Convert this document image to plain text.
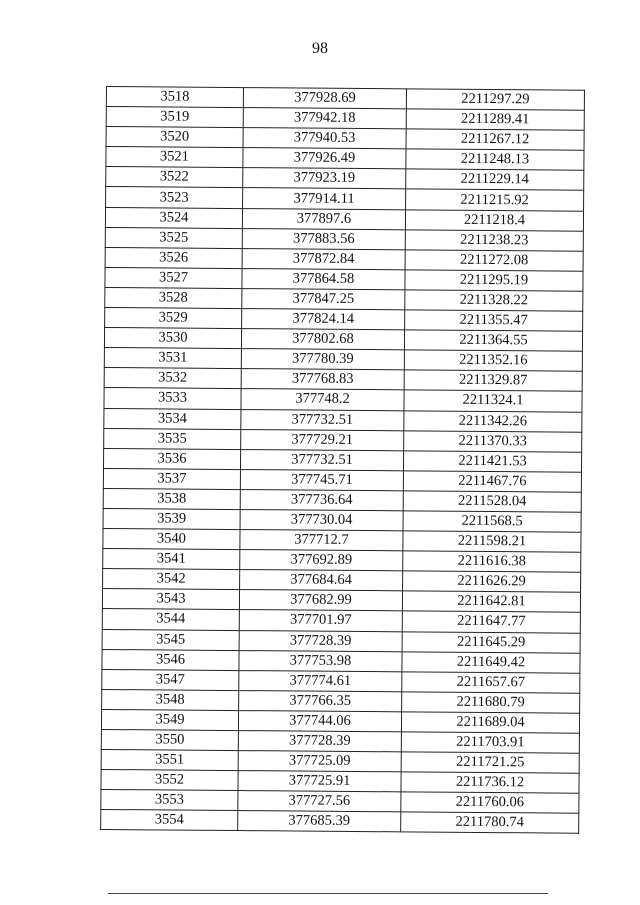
98
3518	377928.69	2211297.29
3519	377942.18	2211289.41
3520	377940.53	2211267.12
3521	377926.49	2211248.13
3522	377923.19	2211229.14
3523	377914.11	2211215.92
3524	377897.6	2211218.4
3525	377883.56	2211238.23
3526	377872.84	2211272.08
3527	377864.58	2211295.19
3528	377847.25	2211328.22
3529	377824.14	2211355.47
3530	377802.68	2211364.55
3531	377780.39	2211352.16
3532	377768.83	2211329.87
3533	377748.2	2211324.1
3534	377732.51	2211342.26
3535	377729.21	2211370.33
3536	377732.51	2211421.53
3537	377745.71	2211467.76
3538	377736.64	2211528.04
3539	377730.04	2211568.5
3540	377712.7	2211598.21
3541	377692.89	2211616.38
3542	377684.64	2211626.29
3543	377682.99	2211642.81
3544	377701.97	2211647.77
3545	377728.39	2211645.29
3546	377753.98	2211649.42
3547	377774.61	2211657.67
3548	377766.35	2211680.79
3549	377744.06	2211689.04
3550	377728.39	2211703.91
3551	377725.09	2211721.25
3552	377725.91	2211736.12
3553	377727.56	2211760.06
3554	377685.39	2211780.74
